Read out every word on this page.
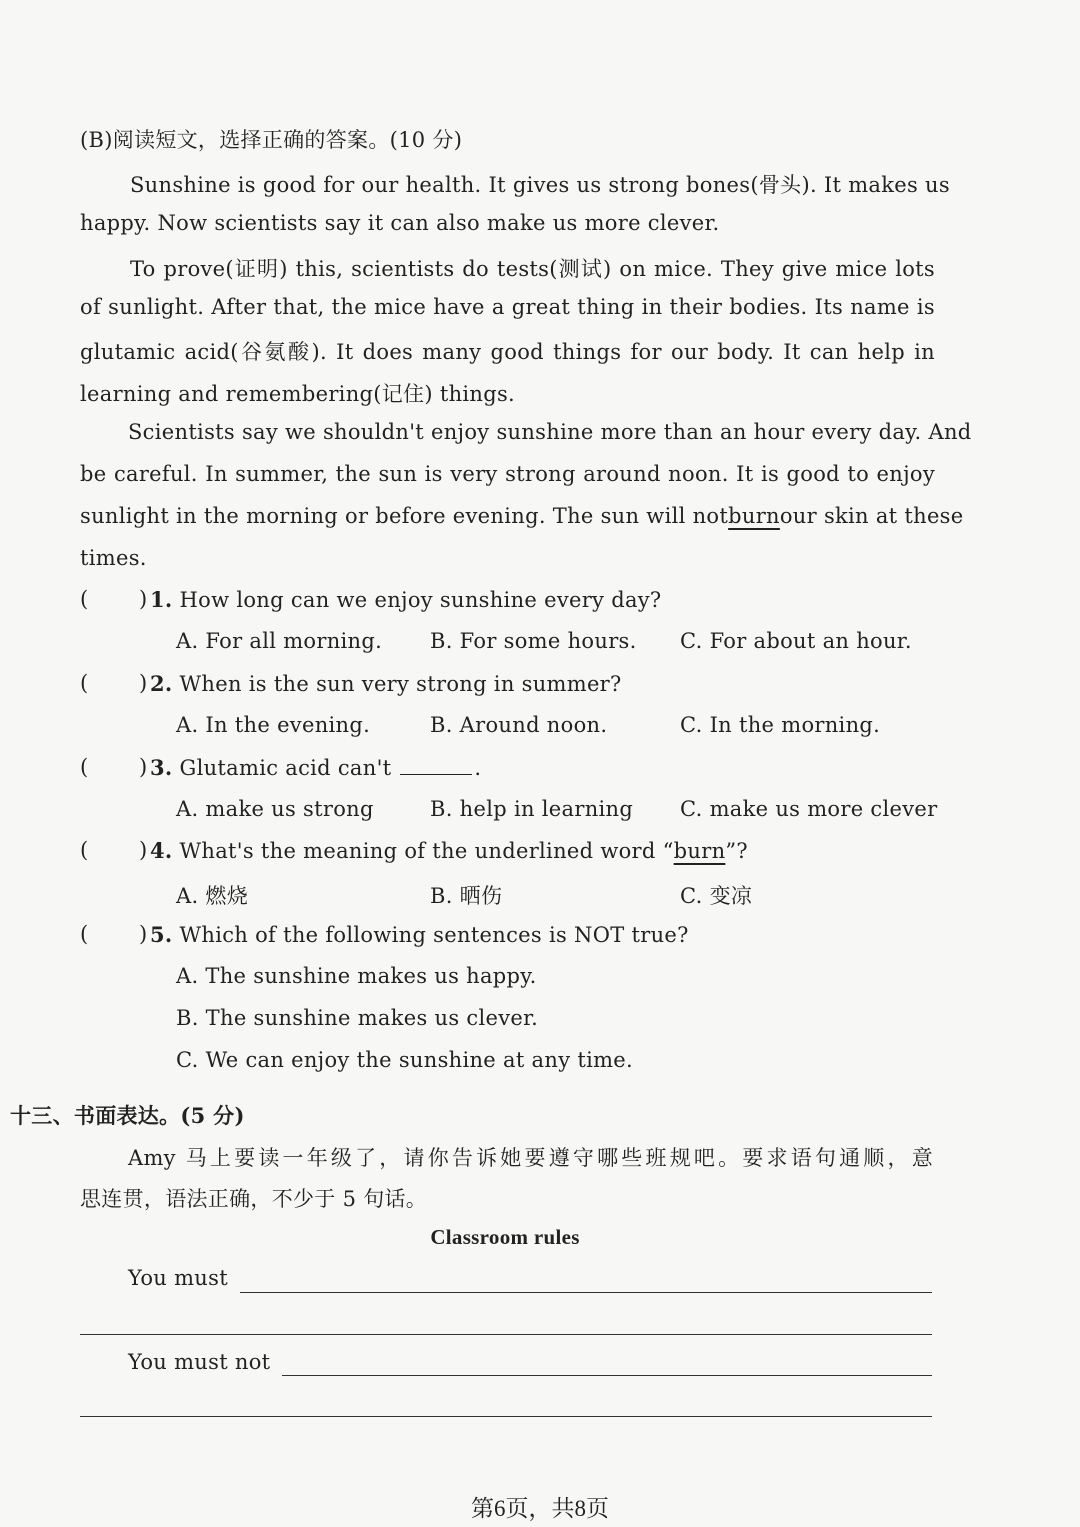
(B)阅读短文，选择正确的答案。(10 分)
Sunshine is good for our health. It gives us strong bones(骨头). It makes us
happy. Now scientists say it can also make us more clever.
To prove(证明) this, scientists do tests(测试) on mice. They give mice lots
of sunlight. After that, the mice have a great thing in their bodies. Its name is
glutamic acid(谷氨酸). It does many good things for our body. It can help in
learning and remembering(记住) things.
Scientists say we shouldn't enjoy sunshine more than an hour every day. And
be careful. In summer, the sun is very strong around noon. It is good to enjoy
sunlight in the morning or before evening. The sun will not burn our skin at these
times.
( ) 1. How long can we enjoy sunshine every day?
A. For all morning. B. For some hours. C. For about an hour.
( ) 2. When is the sun very strong in summer?
A. In the evening.	B. Around noon.	C. In the morning.
( ) 3. Glutamic acid can't	.
A. make us strong	B. help in learning C. make us more clever
( ) 4. What's the meaning of the underlined word “burn”?
A. 燃烧	B. 晒伤	C. 变凉
( ) 5. Which of the following sentences is NOT true?
A. The sunshine makes us happy.
B. The sunshine makes us clever.
C. We can enjoy the sunshine at any time.
十三、书面表达。(5 分)
Amy 马上要读一年级了，请你告诉她要遵守哪些班规吧。要求语句通顺，意
思连贯，语法正确，不少于 5 句话。
Classroom rules
You must
You must not
第6页，共8页
